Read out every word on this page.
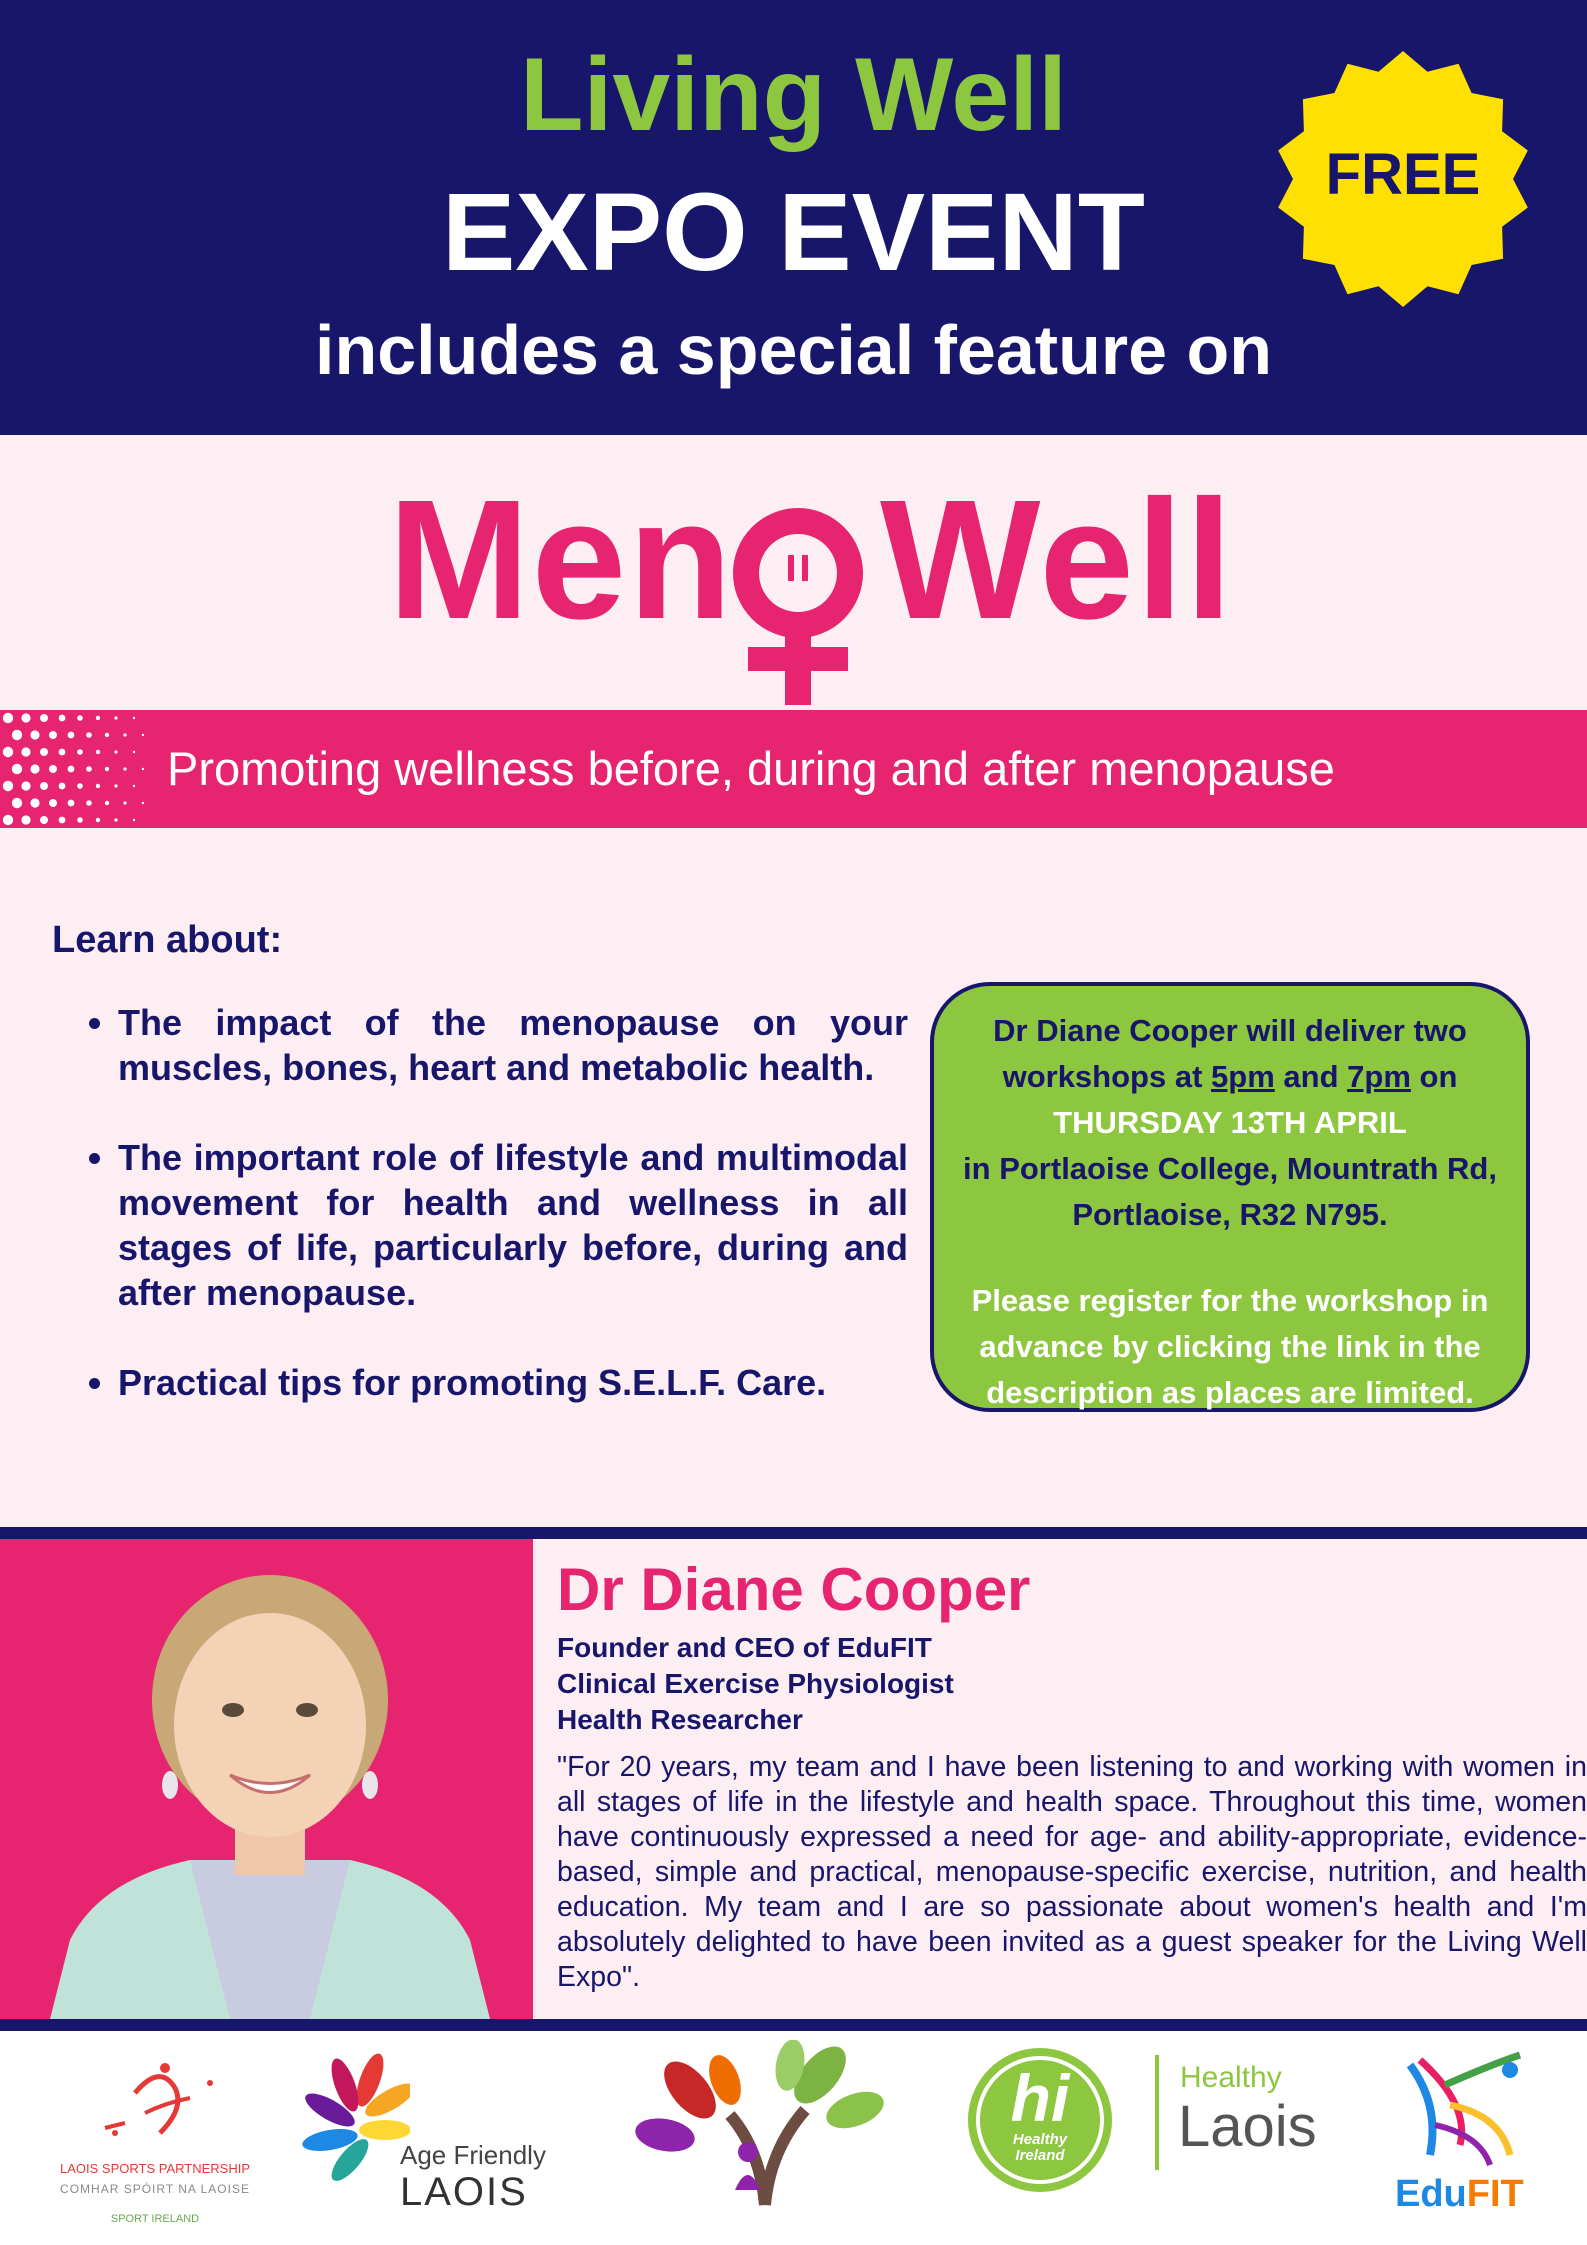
Living Well
EXPO EVENT
includes a special feature on
FREE
Men Well
Promoting wellness before, during and after menopause
Learn about:
• The impact of the menopause on your muscles, bones, heart and metabolic health.
• The important role of lifestyle and multimodal movement for health and wellness in all stages of life, particularly before, during and after menopause.
• Practical tips for promoting S.E.L.F. Care.
Dr Diane Cooper will deliver two workshops at 5pm and 7pm on
THURSDAY 13TH APRIL
in Portlaoise College, Mountrath Rd, Portlaoise, R32 N795.
Please register for the workshop in advance by clicking the link in the description as places are limited.
Dr Diane Cooper
Founder and CEO of EduFIT
Clinical Exercise Physiologist
Health Researcher
"For 20 years, my team and I have been listening to and working with women in all stages of life in the lifestyle and health space. Throughout this time, women have continuously expressed a need for age- and ability-appropriate, evidence-based, simple and practical, menopause-specific exercise, nutrition, and health education. My team and I are so passionate about women's health and I'm absolutely delighted to have been invited as a guest speaker for the Living Well Expo".
LAOIS SPORTS PARTNERSHIP
COMHAR SPÓIRT NA LAOISE
SPORT IRELAND
Age Friendly
LAOIS
hi
Healthy
Ireland
Healthy
Laois
EduFIT
